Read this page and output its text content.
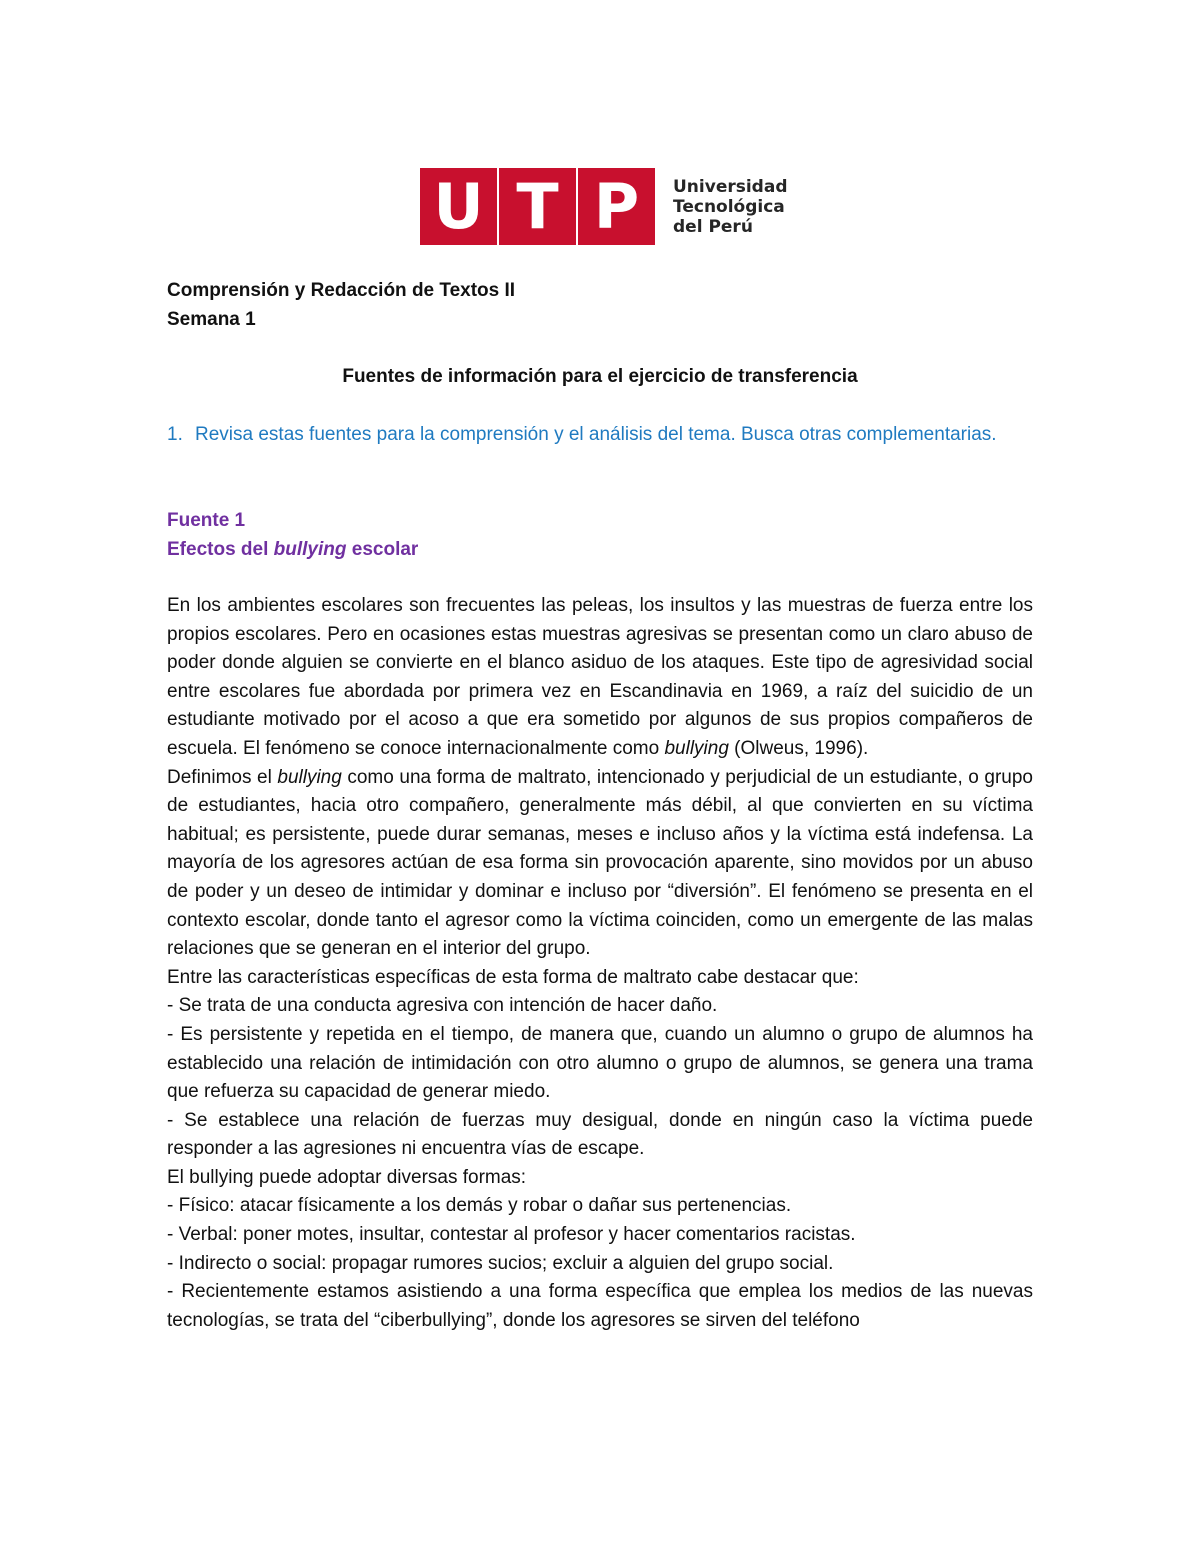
U T P	Universidad
Tecnológica
del Perú
Comprensión y Redacción de Textos II
Semana 1
Fuentes de información para el ejercicio de transferencia
1. Revisa estas fuentes para la comprensión y el análisis del tema. Busca otras complementarias.
Fuente 1
Efectos del bullying escolar

En los ambientes escolares son frecuentes las peleas, los insultos y las muestras de fuerza entre los propios escolares. Pero en ocasiones estas muestras agresivas se presentan como un claro abuso de poder donde alguien se convierte en el blanco asiduo de los ataques. Este tipo de agresividad social entre escolares fue abordada por primera vez en Escandinavia en 1969, a raíz del suicidio de un estudiante motivado por el acoso a que era sometido por algunos de sus propios compañeros de escuela. El fenómeno se conoce internacionalmente como bullying (Olweus, 1996).

Definimos el bullying como una forma de maltrato, intencionado y perjudicial de un estudiante, o grupo de estudiantes, hacia otro compañero, generalmente más débil, al que convierten en su víctima habitual; es persistente, puede durar semanas, meses e incluso años y la víctima está indefensa. La mayoría de los agresores actúan de esa forma sin provocación aparente, sino movidos por un abuso de poder y un deseo de intimidar y dominar e incluso por “diversión”. El fenómeno se presenta en el contexto escolar, donde tanto el agresor como la víctima coinciden, como un emergente de las malas relaciones que se generan en el interior del grupo.

Entre las características específicas de esta forma de maltrato cabe destacar que:

- Se trata de una conducta agresiva con intención de hacer daño.

- Es persistente y repetida en el tiempo, de manera que, cuando un alumno o grupo de alumnos ha establecido una relación de intimidación con otro alumno o grupo de alumnos, se genera una trama que refuerza su capacidad de generar miedo.

- Se establece una relación de fuerzas muy desigual, donde en ningún caso la víctima puede responder a las agresiones ni encuentra vías de escape.

El bullying puede adoptar diversas formas:

- Físico: atacar físicamente a los demás y robar o dañar sus pertenencias.

- Verbal: poner motes, insultar, contestar al profesor y hacer comentarios racistas.

- Indirecto o social: propagar rumores sucios; excluir a alguien del grupo social.

- Recientemente estamos asistiendo a una forma específica que emplea los medios de las nuevas tecnologías, se trata del “ciberbullying”, donde los agresores se sirven del teléfono
